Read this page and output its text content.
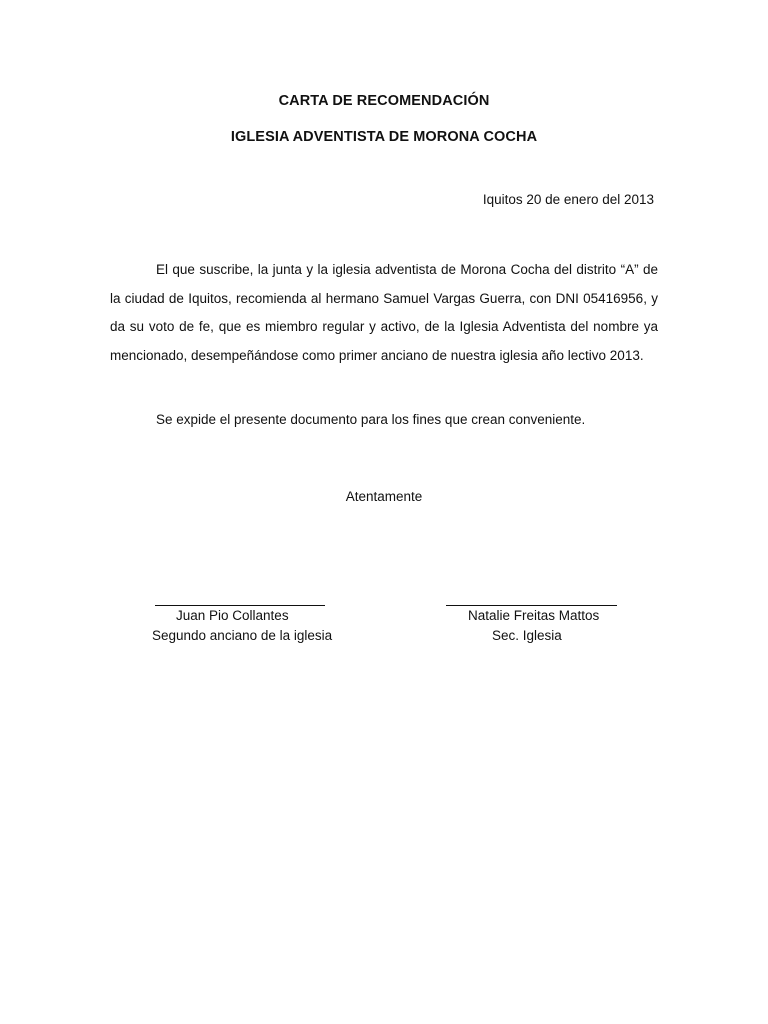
CARTA DE RECOMENDACIÓN
IGLESIA ADVENTISTA DE MORONA COCHA
Iquitos 20 de enero del 2013

El que suscribe, la junta y la iglesia adventista de Morona Cocha del distrito “A” de la ciudad de Iquitos, recomienda al hermano Samuel Vargas Guerra, con DNI 05416956, y da su voto de fe, que es miembro regular y activo, de la Iglesia Adventista del nombre ya mencionado, desempeñándose como primer anciano de nuestra iglesia año lectivo 2013.

Se expide el presente documento para los fines que crean conveniente.
Atentamente
Juan Pio Collantes
Segundo anciano de la iglesia
Natalie Freitas Mattos
Sec. Iglesia
